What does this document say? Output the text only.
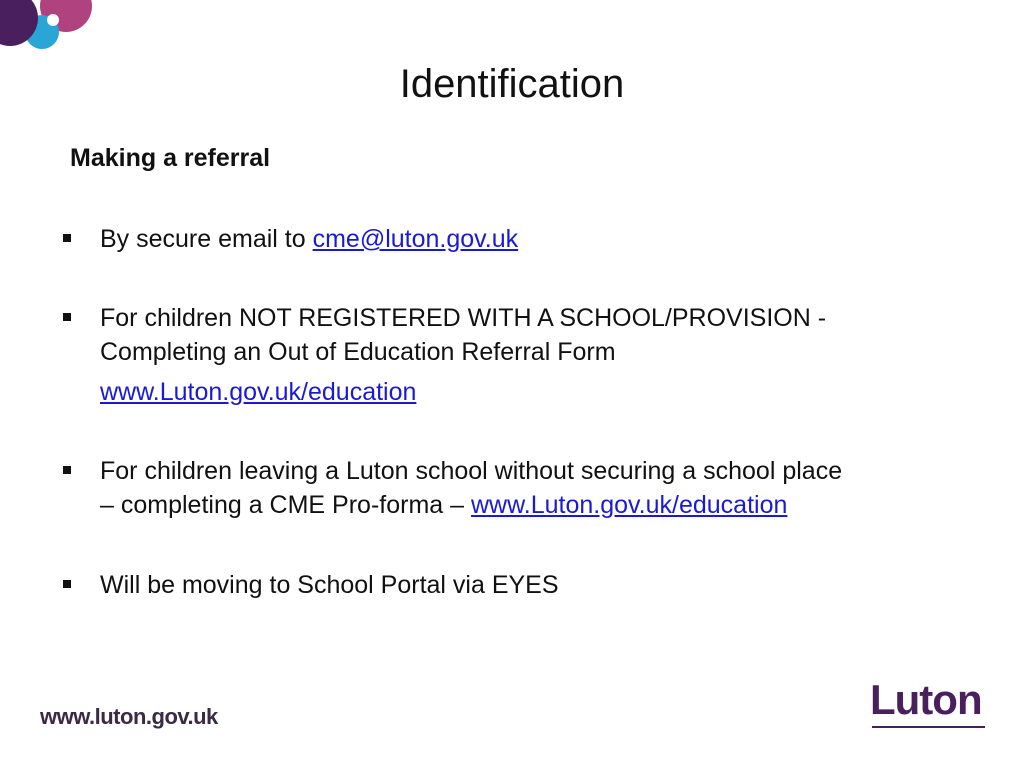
Identification
Making a referral
By secure email to cme@luton.gov.uk
For children NOT REGISTERED WITH A SCHOOL/PROVISION -
Completing an Out of Education Referral Form
www.Luton.gov.uk/education
For children leaving a Luton school without securing a school place
– completing a CME Pro-forma – www.Luton.gov.uk/education
Will be moving to School Portal via EYES
www.luton.gov.uk	Luton
